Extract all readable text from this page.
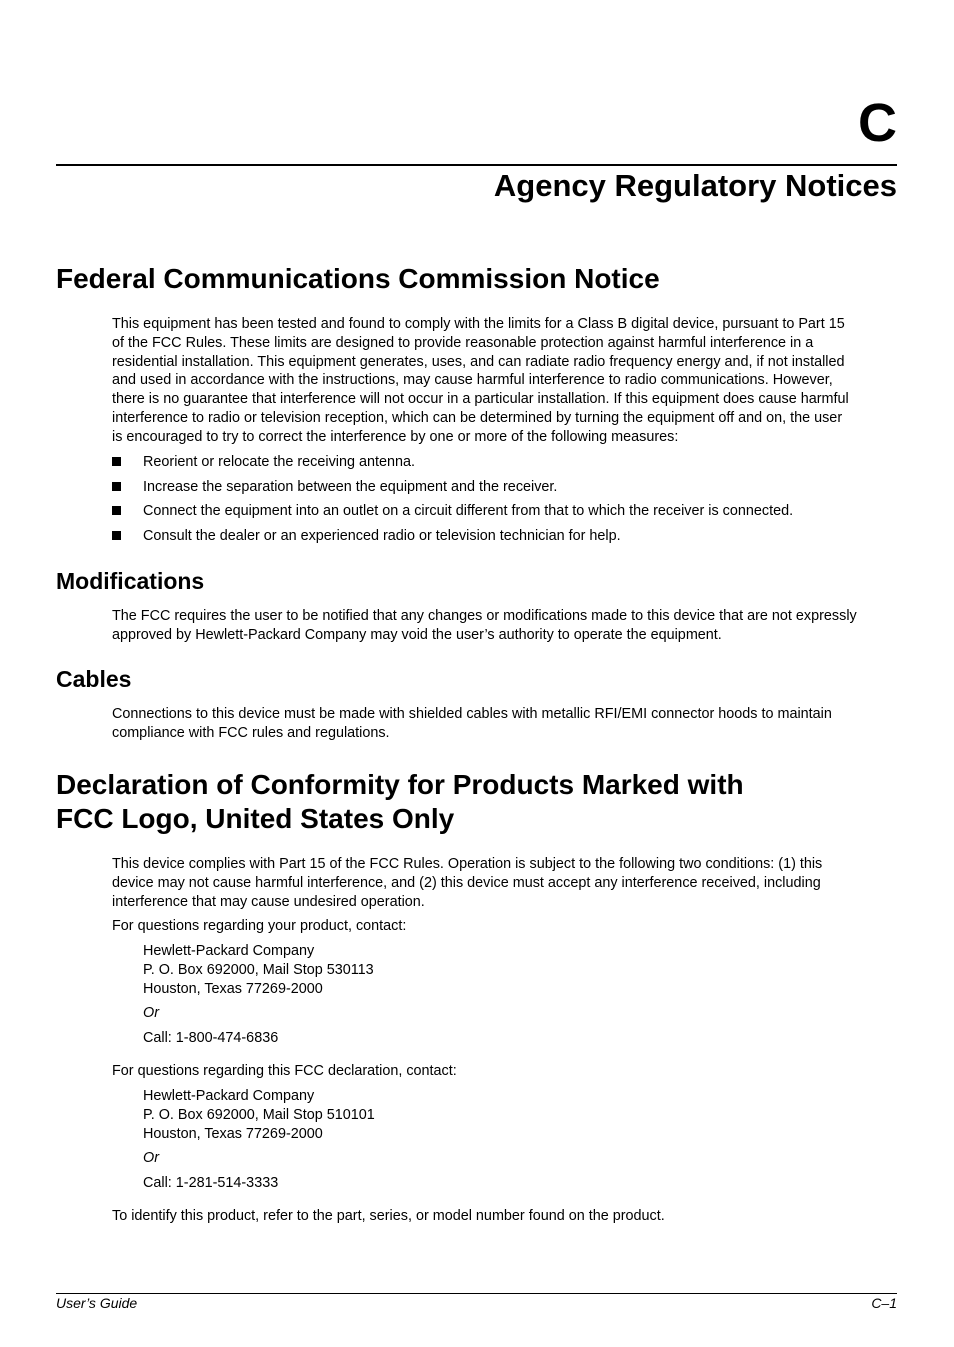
C
Agency Regulatory Notices
Federal Communications Commission Notice
This equipment has been tested and found to comply with the limits for a Class B digital device, pursuant to Part 15
of the FCC Rules. These limits are designed to provide reasonable protection against harmful interference in a
residential installation. This equipment generates, uses, and can radiate radio frequency energy and, if not installed
and used in accordance with the instructions, may cause harmful interference to radio communications. However,
there is no guarantee that interference will not occur in a particular installation. If this equipment does cause harmful
interference to radio or television reception, which can be determined by turning the equipment off and on, the user
is encouraged to try to correct the interference by one or more of the following measures:
Reorient or relocate the receiving antenna.
Increase the separation between the equipment and the receiver.
Connect the equipment into an outlet on a circuit different from that to which the receiver is connected.
Consult the dealer or an experienced radio or television technician for help.
Modifications
The FCC requires the user to be notified that any changes or modifications made to this device that are not expressly
approved by Hewlett-Packard Company may void the user’s authority to operate the equipment.
Cables
Connections to this device must be made with shielded cables with metallic RFI/EMI connector hoods to maintain
compliance with FCC rules and regulations.
Declaration of Conformity for Products Marked with
FCC Logo, United States Only
This device complies with Part 15 of the FCC Rules. Operation is subject to the following two conditions: (1) this
device may not cause harmful interference, and (2) this device must accept any interference received, including
interference that may cause undesired operation.
For questions regarding your product, contact:
Hewlett-Packard Company
P. O. Box 692000, Mail Stop 530113
Houston, Texas 77269-2000
Or
Call: 1-800-474-6836
For questions regarding this FCC declaration, contact:
Hewlett-Packard Company
P. O. Box 692000, Mail Stop 510101
Houston, Texas 77269-2000
Or
Call: 1-281-514-3333
To identify this product, refer to the part, series, or model number found on the product.
User’s Guide	C–1
